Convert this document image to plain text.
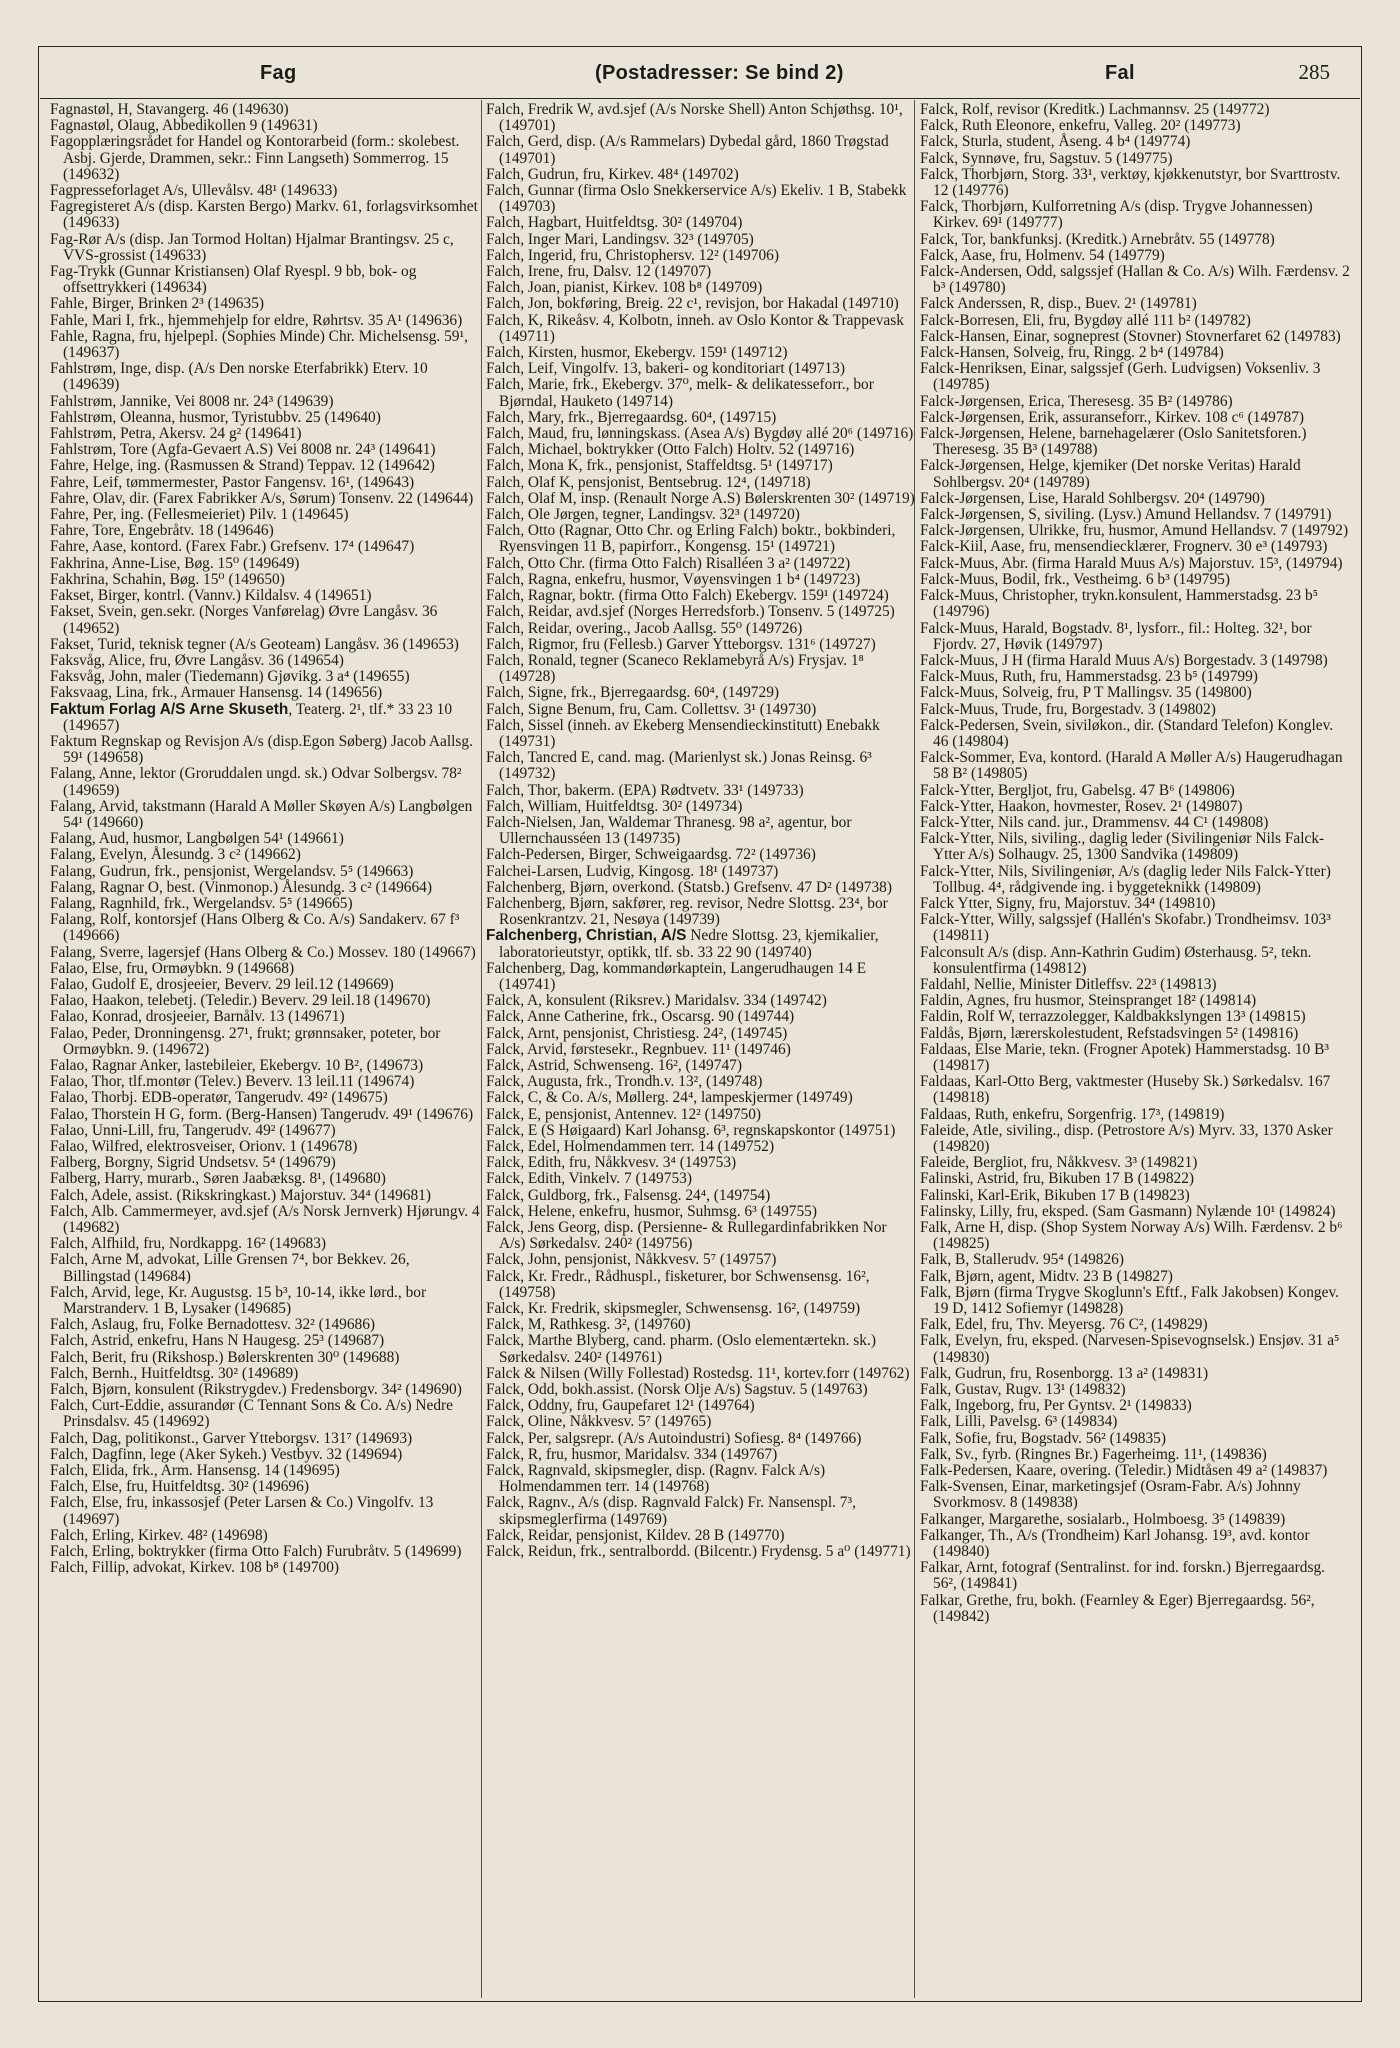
Fag	(Postadresser: Se bind 2)	Fal	285
Fagnastøl, H, Stavangerg. 46 (149630)
Fagnastøl, Olaug, Abbedikollen 9 (149631)
Fagopplæringsrådet for Handel og Kontorarbeid (form.: skolebest. Asbj. Gjerde, Drammen, sekr.: Finn Langseth) Sommerrog. 15 (149632)
Fagpresseforlaget A/s, Ullevålsv. 48¹ (149633)
Fagregisteret A/s (disp. Karsten Bergo) Markv. 61, forlagsvirksomhet (149633)
Fag-Rør A/s (disp. Jan Tormod Holtan) Hjalmar Brantingsv. 25 c, VVS-grossist (149633)
Fag-Trykk (Gunnar Kristiansen) Olaf Ryespl. 9 bb, bok- og offsettrykkeri (149634)
Fahle, Birger, Brinken 2³ (149635)
Fahle, Mari I, frk., hjemmehjelp for eldre, Røhrtsv. 35 A¹ (149636)
Fahle, Ragna, fru, hjelpepl. (Sophies Minde) Chr. Michelsensg. 59¹, (149637)
Fahlstrøm, Inge, disp. (A/s Den norske Eterfabrikk) Eterv. 10 (149639)
Fahlstrøm, Jannike, Vei 8008 nr. 24³ (149639)
Fahlstrøm, Oleanna, husmor, Tyristubbv. 25 (149640)
Fahlstrøm, Petra, Akersv. 24 g² (149641)
Fahlstrøm, Tore (Agfa-Gevaert A.S) Vei 8008 nr. 24³ (149641)
Fahre, Helge, ing. (Rasmussen & Strand) Teppav. 12 (149642)
Fahre, Leif, tømmermester, Pastor Fangensv. 16¹, (149643)
Fahre, Olav, dir. (Farex Fabrikker A/s, Sørum) Tonsenv. 22 (149644)
Fahre, Per, ing. (Fellesmeieriet) Pilv. 1 (149645)
Fahre, Tore, Engebråtv. 18 (149646)
Fahre, Aase, kontord. (Farex Fabr.) Grefsenv. 17⁴ (149647)
Fakhrina, Anne-Lise, Bøg. 15⁰ (149649)
Fakhrina, Schahin, Bøg. 15⁰ (149650)
Fakset, Birger, kontrl. (Vannv.) Kildalsv. 4 (149651)
Fakset, Svein, gen.sekr. (Norges Vanførelag) Øvre Langåsv. 36 (149652)
Fakset, Turid, teknisk tegner (A/s Geoteam) Langåsv. 36 (149653)
Faksvåg, Alice, fru, Øvre Langåsv. 36 (149654)
Faksvåg, John, maler (Tiedemann) Gjøvikg. 3 a⁴ (149655)
Faksvaag, Lina, frk., Armauer Hansensg. 14 (149656)
Faktum Forlag A/S Arne Skuseth, Teaterg. 2¹, tlf.* 33 23 10 (149657)
Faktum Regnskap og Revisjon A/s (disp.Egon Søberg) Jacob Aallsg. 59¹ (149658)
Falang, Anne, lektor (Groruddalen ungd. sk.) Odvar Solbergsv. 78² (149659)
Falang, Arvid, takstmann (Harald A Møller Skøyen A/s) Langbølgen 54¹ (149660)
Falang, Aud, husmor, Langbølgen 54¹ (149661)
Falang, Evelyn, Ålesundg. 3 c² (149662)
Falang, Gudrun, frk., pensjonist, Wergelandsv. 5⁵ (149663)
Falang, Ragnar O, best. (Vinmonop.) Ålesundg. 3 c² (149664)
Falang, Ragnhild, frk., Wergelandsv. 5⁵ (149665)
Falang, Rolf, kontorsjef (Hans Olberg & Co. A/s) Sandakerv. 67 f³ (149666)
Falang, Sverre, lagersjef (Hans Olberg & Co.) Mossev. 180 (149667)
Falao, Else, fru, Ormøybkn. 9 (149668)
Falao, Gudolf E, drosjeeier, Beverv. 29 leil.12 (149669)
Falao, Haakon, telebetj. (Teledir.) Beverv. 29 leil.18 (149670)
Falao, Konrad, drosjeeier, Barnålv. 13 (149671)
Falao, Peder, Dronningensg. 27¹, frukt; grønnsaker, poteter, bor Ormøybkn. 9. (149672)
Falao, Ragnar Anker, lastebileier, Ekebergv. 10 B², (149673)
Falao, Thor, tlf.montør (Telev.) Beverv. 13 leil.11 (149674)
Falao, Thorbj. EDB-operatør, Tangerudv. 49² (149675)
Falao, Thorstein H G, form. (Berg-Hansen) Tangerudv. 49¹ (149676)
Falao, Unni-Lill, fru, Tangerudv. 49² (149677)
Falao, Wilfred, elektrosveiser, Orionv. 1 (149678)
Falberg, Borgny, Sigrid Undsetsv. 5⁴ (149679)
Falberg, Harry, murarb., Søren Jaabæksg. 8¹, (149680)
Falch, Adele, assist. (Rikskringkast.) Majorstuv. 34⁴ (149681)
Falch, Alb. Cammermeyer, avd.sjef (A/s Norsk Jernverk) Hjørungv. 4 (149682)
Falch, Alfhild, fru, Nordkappg. 16² (149683)
Falch, Arne M, advokat, Lille Grensen 7⁴, bor Bekkev. 26, Billingstad (149684)
Falch, Arvid, lege, Kr. Augustsg. 15 b³, 10-14, ikke lørd., bor Marstranderv. 1 B, Lysaker (149685)
Falch, Aslaug, fru, Folke Bernadottesv. 32² (149686)
Falch, Astrid, enkefru, Hans N Haugesg. 25³ (149687)
Falch, Berit, fru (Rikshosp.) Bølerskrenten 30⁰ (149688)
Falch, Bernh., Huitfeldtsg. 30² (149689)
Falch, Bjørn, konsulent (Rikstrygdev.) Fredensborgv. 34² (149690)
Falch, Curt-Eddie, assurandør (C Tennant Sons & Co. A/s) Nedre Prinsdalsv. 45 (149692)
Falch, Dag, politikonst., Garver Ytteborgsv. 131⁷ (149693)
Falch, Dagfinn, lege (Aker Sykeh.) Vestbyv. 32 (149694)
Falch, Elida, frk., Arm. Hansensg. 14 (149695)
Falch, Else, fru, Huitfeldtsg. 30² (149696)
Falch, Else, fru, inkassosjef (Peter Larsen & Co.) Vingolfv. 13 (149697)
Falch, Erling, Kirkev. 48² (149698)
Falch, Erling, boktrykker (firma Otto Falch) Furubråtv. 5 (149699)
Falch, Fillip, advokat, Kirkev. 108 b⁸ (149700)
Falch, Fredrik W, avd.sjef (A/s Norske Shell) Anton Schjøthsg. 10¹, (149701)
Falch, Gerd, disp. (A/s Rammelars) Dybedal gård, 1860 Trøgstad (149701)
Falch, Gudrun, fru, Kirkev. 48⁴ (149702)
Falch, Gunnar (firma Oslo Snekkerservice A/s) Ekeliv. 1 B, Stabekk (149703)
Falch, Hagbart, Huitfeldtsg. 30² (149704)
Falch, Inger Mari, Landingsv. 32³ (149705)
Falch, Ingerid, fru, Christophersv. 12² (149706)
Falch, Irene, fru, Dalsv. 12 (149707)
Falch, Joan, pianist, Kirkev. 108 b⁸ (149709)
Falch, Jon, bokføring, Breig. 22 c¹, revisjon, bor Hakadal (149710)
Falch, K, Rikeåsv. 4, Kolbotn, inneh. av Oslo Kontor & Trappevask (149711)
Falch, Kirsten, husmor, Ekebergv. 159¹ (149712)
Falch, Leif, Vingolfv. 13, bakeri- og konditoriart (149713)
Falch, Marie, frk., Ekebergv. 37⁰, melk- & delikatesseforr., bor Bjørndal, Hauketo (149714)
Falch, Mary, frk., Bjerregaardsg. 60⁴, (149715)
Falch, Maud, fru, lønningskass. (Asea A/s) Bygdøy allé 20⁶ (149716)
Falch, Michael, boktrykker (Otto Falch) Holtv. 52 (149716)
Falch, Mona K, frk., pensjonist, Staffeldtsg. 5¹ (149717)
Falch, Olaf K, pensjonist, Bentsebrug. 12⁴, (149718)
Falch, Olaf M, insp. (Renault Norge A.S) Bølerskrenten 30² (149719)
Falch, Ole Jørgen, tegner, Landingsv. 32³ (149720)
Falch, Otto (Ragnar, Otto Chr. og Erling Falch) boktr., bokbinderi, Ryensvingen 11 B, papirforr., Kongensg. 15¹ (149721)
Falch, Otto Chr. (firma Otto Falch) Risalléen 3 a² (149722)
Falch, Ragna, enkefru, husmor, Vøyensvingen 1 b⁴ (149723)
Falch, Ragnar, boktr. (firma Otto Falch) Ekebergv. 159¹ (149724)
Falch, Reidar, avd.sjef (Norges Herredsforb.) Tonsenv. 5 (149725)
Falch, Reidar, overing., Jacob Aallsg. 55⁰ (149726)
Falch, Rigmor, fru (Fellesb.) Garver Ytteborgsv. 131⁶ (149727)
Falch, Ronald, tegner (Scaneco Reklamebyrå A/s) Frysjav. 1⁸ (149728)
Falch, Signe, frk., Bjerregaardsg. 60⁴, (149729)
Falch, Signe Benum, fru, Cam. Collettsv. 3¹ (149730)
Falch, Sissel (inneh. av Ekeberg Mensendieckinstitutt) Enebakk (149731)
Falch, Tancred E, cand. mag. (Marienlyst sk.) Jonas Reinsg. 6³ (149732)
Falch, Thor, bakerm. (EPA) Rødtvetv. 33¹ (149733)
Falch, William, Huitfeldtsg. 30² (149734)
Falch-Nielsen, Jan, Waldemar Thranesg. 98 a², agentur, bor Ullernchausséen 13 (149735)
Falch-Pedersen, Birger, Schweigaardsg. 72² (149736)
Falchei-Larsen, Ludvig, Kingosg. 18¹ (149737)
Falchenberg, Bjørn, overkond. (Statsb.) Grefsenv. 47 D² (149738)
Falchenberg, Bjørn, sakfører, reg. revisor, Nedre Slottsg. 23⁴, bor Rosenkrantzv. 21, Nesøya (149739)
Falchenberg, Christian, A/S Nedre Slottsg. 23, kjemikalier, laboratorieutstyr, optikk, tlf. sb. 33 22 90 (149740)
Falchenberg, Dag, kommandørkaptein, Langerudhaugen 14 E (149741)
Falck, A, konsulent (Riksrev.) Maridalsv. 334 (149742)
Falck, Anne Catherine, frk., Oscarsg. 90 (149744)
Falck, Arnt, pensjonist, Christiesg. 24², (149745)
Falck, Arvid, førstesekr., Regnbuev. 11¹ (149746)
Falck, Astrid, Schwenseng. 16², (149747)
Falck, Augusta, frk., Trondh.v. 13², (149748)
Falck, C, & Co. A/s, Møllerg. 24⁴, lampeskjermer (149749)
Falck, E, pensjonist, Antennev. 12² (149750)
Falck, E (S Høigaard) Karl Johansg. 6³, regnskapskontor (149751)
Falck, Edel, Holmendammen terr. 14 (149752)
Falck, Edith, fru, Nåkkvesv. 3⁴ (149753)
Falck, Edith, Vinkelv. 7 (149753)
Falck, Guldborg, frk., Falsensg. 24⁴, (149754)
Falck, Helene, enkefru, husmor, Suhmsg. 6³ (149755)
Falck, Jens Georg, disp. (Persienne- & Rullegardinfabrikken Nor A/s) Sørkedalsv. 240² (149756)
Falck, John, pensjonist, Nåkkvesv. 5⁷ (149757)
Falck, Kr. Fredr., Rådhuspl., fisketurer, bor Schwensensg. 16², (149758)
Falck, Kr. Fredrik, skipsmegler, Schwensensg. 16², (149759)
Falck, M, Rathkesg. 3², (149760)
Falck, Marthe Blyberg, cand. pharm. (Oslo elementærtekn. sk.) Sørkedalsv. 240² (149761)
Falck & Nilsen (Willy Follestad) Rostedsg. 11¹, kortev.forr (149762)
Falck, Odd, bokh.assist. (Norsk Olje A/s) Sagstuv. 5 (149763)
Falck, Oddny, fru, Gaupefaret 12¹ (149764)
Falck, Oline, Nåkkvesv. 5⁷ (149765)
Falck, Per, salgsrepr. (A/s Autoindustri) Sofiesg. 8⁴ (149766)
Falck, R, fru, husmor, Maridalsv. 334 (149767)
Falck, Ragnvald, skipsmegler, disp. (Ragnv. Falck A/s) Holmendammen terr. 14 (149768)
Falck, Ragnv., A/s (disp. Ragnvald Falck) Fr. Nansenspl. 7³, skipsmeglerfirma (149769)
Falck, Reidar, pensjonist, Kildev. 28 B (149770)
Falck, Reidun, frk., sentralbordd. (Bilcentr.) Frydensg. 5 a⁰ (149771)
Falck, Rolf, revisor (Kreditk.) Lachmannsv. 25 (149772)
Falck, Ruth Eleonore, enkefru, Valleg. 20² (149773)
Falck, Sturla, student, Åseng. 4 b⁴ (149774)
Falck, Synnøve, fru, Sagstuv. 5 (149775)
Falck, Thorbjørn, Storg. 33¹, verktøy, kjøkkenutstyr, bor Svarttrostv. 12 (149776)
Falck, Thorbjørn, Kulforretning A/s (disp. Trygve Johannessen) Kirkev. 69¹ (149777)
Falck, Tor, bankfunksj. (Kreditk.) Arnebråtv. 55 (149778)
Falck, Aase, fru, Holmenv. 54 (149779)
Falck-Andersen, Odd, salgssjef (Hallan & Co. A/s) Wilh. Færdensv. 2 b³ (149780)
Falck Anderssen, R, disp., Buev. 2¹ (149781)
Falck-Borresen, Eli, fru, Bygdøy allé 111 b² (149782)
Falck-Hansen, Einar, sogneprest (Stovner) Stovnerfaret 62 (149783)
Falck-Hansen, Solveig, fru, Ringg. 2 b⁴ (149784)
Falck-Henriksen, Einar, salgssjef (Gerh. Ludvigsen) Voksenliv. 3 (149785)
Falck-Jørgensen, Erica, Theresesg. 35 B² (149786)
Falck-Jørgensen, Erik, assuranseforr., Kirkev. 108 c⁶ (149787)
Falck-Jørgensen, Helene, barnehagelærer (Oslo Sanitetsforen.) Theresesg. 35 B³ (149788)
Falck-Jørgensen, Helge, kjemiker (Det norske Veritas) Harald Sohlbergsv. 20⁴ (149789)
Falck-Jørgensen, Lise, Harald Sohlbergsv. 20⁴ (149790)
Falck-Jørgensen, S, siviling. (Lysv.) Amund Hellandsv. 7 (149791)
Falck-Jørgensen, Ulrikke, fru, husmor, Amund Hellandsv. 7 (149792)
Falck-Kiil, Aase, fru, mensendiecklærer, Frognerv. 30 e³ (149793)
Falck-Muus, Abr. (firma Harald Muus A/s) Majorstuv. 15³, (149794)
Falck-Muus, Bodil, frk., Vestheimg. 6 b³ (149795)
Falck-Muus, Christopher, trykn.konsulent, Hammerstadsg. 23 b⁵ (149796)
Falck-Muus, Harald, Bogstadv. 8¹, lysforr., fil.: Holteg. 32¹, bor Fjordv. 27, Høvik (149797)
Falck-Muus, J H (firma Harald Muus A/s) Borgestadv. 3 (149798)
Falck-Muus, Ruth, fru, Hammerstadsg. 23 b⁵ (149799)
Falck-Muus, Solveig, fru, P T Mallingsv. 35 (149800)
Falck-Muus, Trude, fru, Borgestadv. 3 (149802)
Falck-Pedersen, Svein, siviløkon., dir. (Standard Telefon) Konglev. 46 (149804)
Falck-Sommer, Eva, kontord. (Harald A Møller A/s) Haugerudhagan 58 B² (149805)
Falck-Ytter, Bergljot, fru, Gabelsg. 47 B⁶ (149806)
Falck-Ytter, Haakon, hovmester, Rosev. 2¹ (149807)
Falck-Ytter, Nils cand. jur., Drammensv. 44 C¹ (149808)
Falck-Ytter, Nils, siviling., daglig leder (Sivilingeniør Nils Falck-Ytter A/s) Solhaugv. 25, 1300 Sandvika (149809)
Falck-Ytter, Nils, Sivilingeniør, A/s (daglig leder Nils Falck-Ytter) Tollbug. 4⁴, rådgivende ing. i byggeteknikk (149809)
Falck Ytter, Signy, fru, Majorstuv. 34⁴ (149810)
Falck-Ytter, Willy, salgssjef (Hallén's Skofabr.) Trondheimsv. 103³ (149811)
Falconsult A/s (disp. Ann-Kathrin Gudim) Østerhausg. 5², tekn. konsulentfirma (149812)
Faldahl, Nellie, Minister Ditleffsv. 22³ (149813)
Faldin, Agnes, fru husmor, Steinspranget 18² (149814)
Faldin, Rolf W, terrazzolegger, Kaldbakkslyngen 13³ (149815)
Faldås, Bjørn, lærerskolestudent, Refstadsvingen 5² (149816)
Faldaas, Else Marie, tekn. (Frogner Apotek) Hammerstadsg. 10 B³ (149817)
Faldaas, Karl-Otto Berg, vaktmester (Huseby Sk.) Sørkedalsv. 167 (149818)
Faldaas, Ruth, enkefru, Sorgenfrig. 17³, (149819)
Faleide, Atle, siviling., disp. (Petrostore A/s) Myrv. 33, 1370 Asker (149820)
Faleide, Bergliot, fru, Nåkkvesv. 3³ (149821)
Falinski, Astrid, fru, Bikuben 17 B (149822)
Falinski, Karl-Erik, Bikuben 17 B (149823)
Falinsky, Lilly, fru, eksped. (Sam Gasmann) Nylænde 10¹ (149824)
Falk, Arne H, disp. (Shop System Norway A/s) Wilh. Færdensv. 2 b⁶ (149825)
Falk, B, Stallerudv. 95⁴ (149826)
Falk, Bjørn, agent, Midtv. 23 B (149827)
Falk, Bjørn (firma Trygve Skoglunn's Eftf., Falk Jakobsen) Kongev. 19 D, 1412 Sofiemyr (149828)
Falk, Edel, fru, Thv. Meyersg. 76 C², (149829)
Falk, Evelyn, fru, eksped. (Narvesen-Spisevognselsk.) Ensjøv. 31 a⁵ (149830)
Falk, Gudrun, fru, Rosenborgg. 13 a² (149831)
Falk, Gustav, Rugv. 13¹ (149832)
Falk, Ingeborg, fru, Per Gyntsv. 2¹ (149833)
Falk, Lilli, Pavelsg. 6³ (149834)
Falk, Sofie, fru, Bogstadv. 56² (149835)
Falk, Sv., fyrb. (Ringnes Br.) Fagerheimg. 11¹, (149836)
Falk-Pedersen, Kaare, overing. (Teledir.) Midtåsen 49 a² (149837)
Falk-Svensen, Einar, marketingsjef (Osram-Fabr. A/s) Johnny Svorkmosv. 8 (149838)
Falkanger, Margarethe, sosialarb., Holmboesg. 3⁵ (149839)
Falkanger, Th., A/s (Trondheim) Karl Johansg. 19³, avd. kontor (149840)
Falkar, Arnt, fotograf (Sentralinst. for ind. forskn.) Bjerregaardsg. 56², (149841)
Falkar, Grethe, fru, bokh. (Fearnley & Eger) Bjerregaardsg. 56², (149842)
